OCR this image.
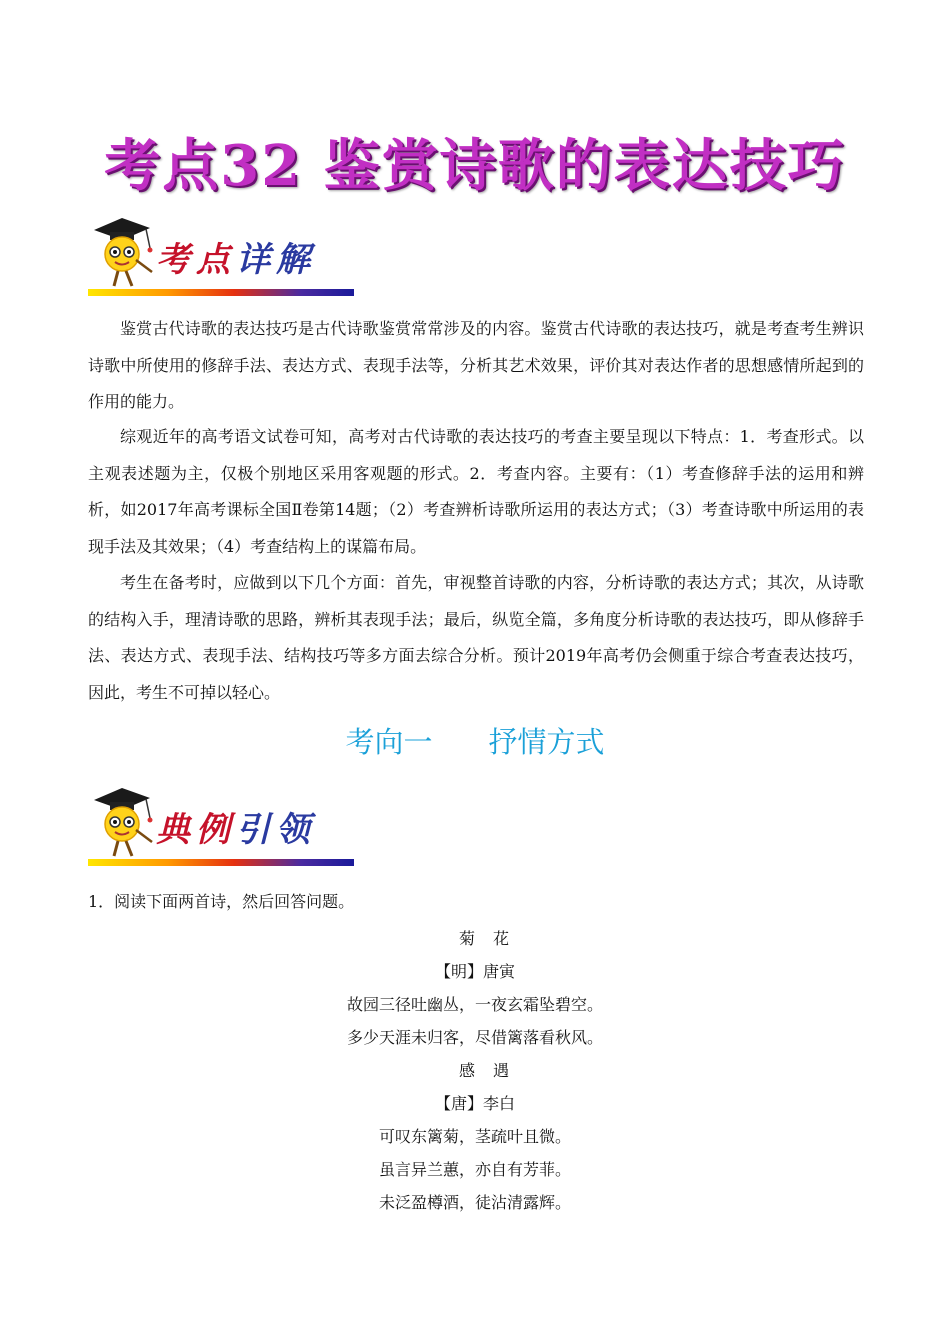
考点32 鉴赏诗歌的表达技巧
考点详解

鉴赏古代诗歌的表达技巧是古代诗歌鉴赏常常涉及的内容。鉴赏古代诗歌的表达技巧，就是考查考生辨识诗歌中所使用的修辞手法、表达方式、表现手法等，分析其艺术效果，评价其对表达作者的思想感情所起到的作用的能力。

综观近年的高考语文试卷可知，高考对古代诗歌的表达技巧的考查主要呈现以下特点：1．考查形式。以主观表述题为主，仅极个别地区采用客观题的形式。2．考查内容。主要有：（1）考查修辞手法的运用和辨析，如2017年高考课标全国Ⅱ卷第14题；（2）考查辨析诗歌所运用的表达方式；（3）考查诗歌中所运用的表现手法及其效果；（4）考查结构上的谋篇布局。

考生在备考时，应做到以下几个方面：首先，审视整首诗歌的内容，分析诗歌的表达方式；其次，从诗歌的结构入手，理清诗歌的思路，辨析其表现手法；最后，纵览全篇，多角度分析诗歌的表达技巧，即从修辞手法、表达方式、表现手法、结构技巧等多方面去综合分析。预计2019年高考仍会侧重于综合考查表达技巧，因此，考生不可掉以轻心。

考向一 抒情方式
典例引领
1．阅读下面两首诗，然后回答问题。
菊花
【明】唐寅
故园三径吐幽丛，一夜玄霜坠碧空。
多少天涯未归客，尽借篱落看秋风。
感遇
【唐】李白
可叹东篱菊，茎疏叶且微。
虽言异兰蕙，亦自有芳菲。
未泛盈樽酒，徒沾清露辉。
